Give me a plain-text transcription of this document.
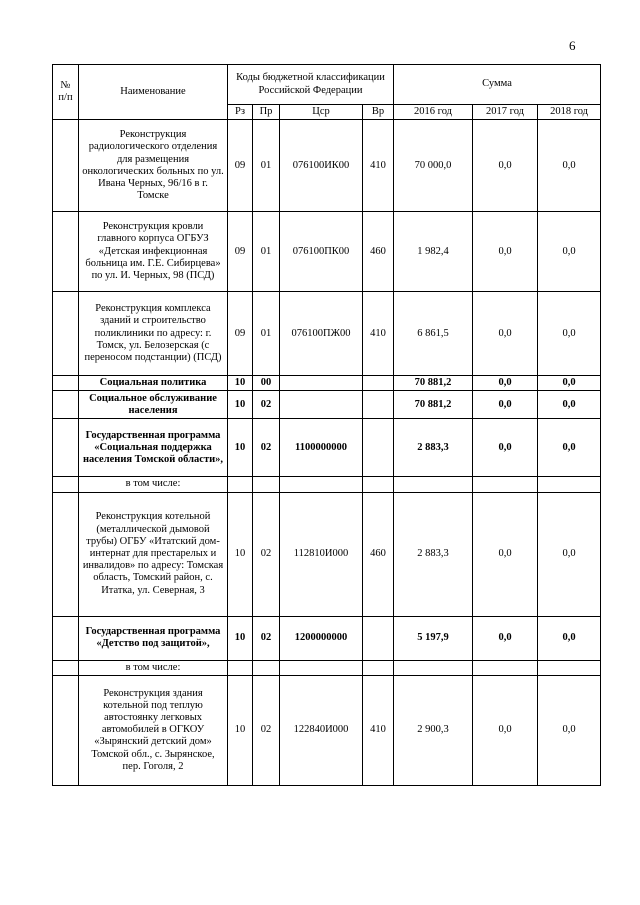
6
№ п/п	Наименование	Коды бюджетной классификации Российской Федерации				Сумма		
		Рз	Пр	Цср	Вр	2016 год	2017 год	2018 год
	Реконструкция радиологического отделения для размещения онкологических больных по ул. Ивана Черных, 96/16 в г. Томске	09	01	076100ИК00	410	70 000,0	0,0	0,0
	Реконструкция кровли главного корпуса ОГБУЗ «Детская инфекционная больница им. Г.Е. Сибирцева» по ул. И. Черных, 98 (ПСД)	09	01	076100ПК00	460	1 982,4	0,0	0,0
	Реконструкция комплекса зданий и строительство поликлиники по адресу: г. Томск, ул. Белозерская (с переносом подстанции) (ПСД)	09	01	076100ПЖ00	410	6 861,5	0,0	0,0
	Социальная политика	10	00			70 881,2	0,0	0,0
	Социальное обслуживание населения	10	02			70 881,2	0,0	0,0
	Государственная программа «Социальная поддержка населения Томской области»,	10	02	1100000000		2 883,3	0,0	0,0
	в том числе:							
	Реконструкция котельной (металлической дымовой трубы) ОГБУ «Итатский дом-интернат для престарелых и инвалидов» по адресу: Томская область, Томский район, с. Итатка, ул. Северная, 3	10	02	112810И000	460	2 883,3	0,0	0,0
	Государственная программа «Детство под защитой»,	10	02	1200000000		5 197,9	0,0	0,0
	в том числе:							
	Реконструкция здания котельной под теплую автостоянку легковых автомобилей в ОГКОУ «Зырянский детский дом» Томской обл., с. Зырянское, пер. Гоголя, 2	10	02	122840И000	410	2 900,3	0,0	0,0
